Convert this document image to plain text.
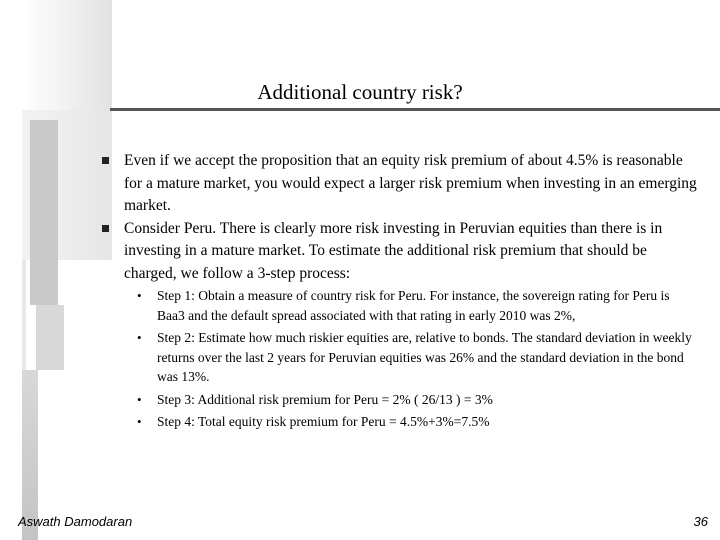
Additional country risk?
Even if we accept the proposition that an equity risk premium of about 4.5% is reasonable for a mature market, you would expect a larger risk premium when investing in an emerging market.
Consider Peru. There is clearly more risk investing in Peruvian equities than there is in investing in a mature market. To estimate the additional risk premium that should be charged, we follow a 3-step process:
• Step 1: Obtain a measure of country risk for Peru. For instance, the sovereign rating for Peru is Baa3 and the default spread associated with that rating in early 2010 was 2%,
• Step 2: Estimate how much riskier equities are, relative to bonds. The standard deviation in weekly returns over the last 2 years for Peruvian equities was 26% and the standard deviation in the bond was 13%.
• Step 3: Additional risk premium for Peru = 2% ( 26/13 ) = 3%
• Step 4: Total equity risk premium for Peru = 4.5%+3%=7.5%
Aswath Damodaran	36
